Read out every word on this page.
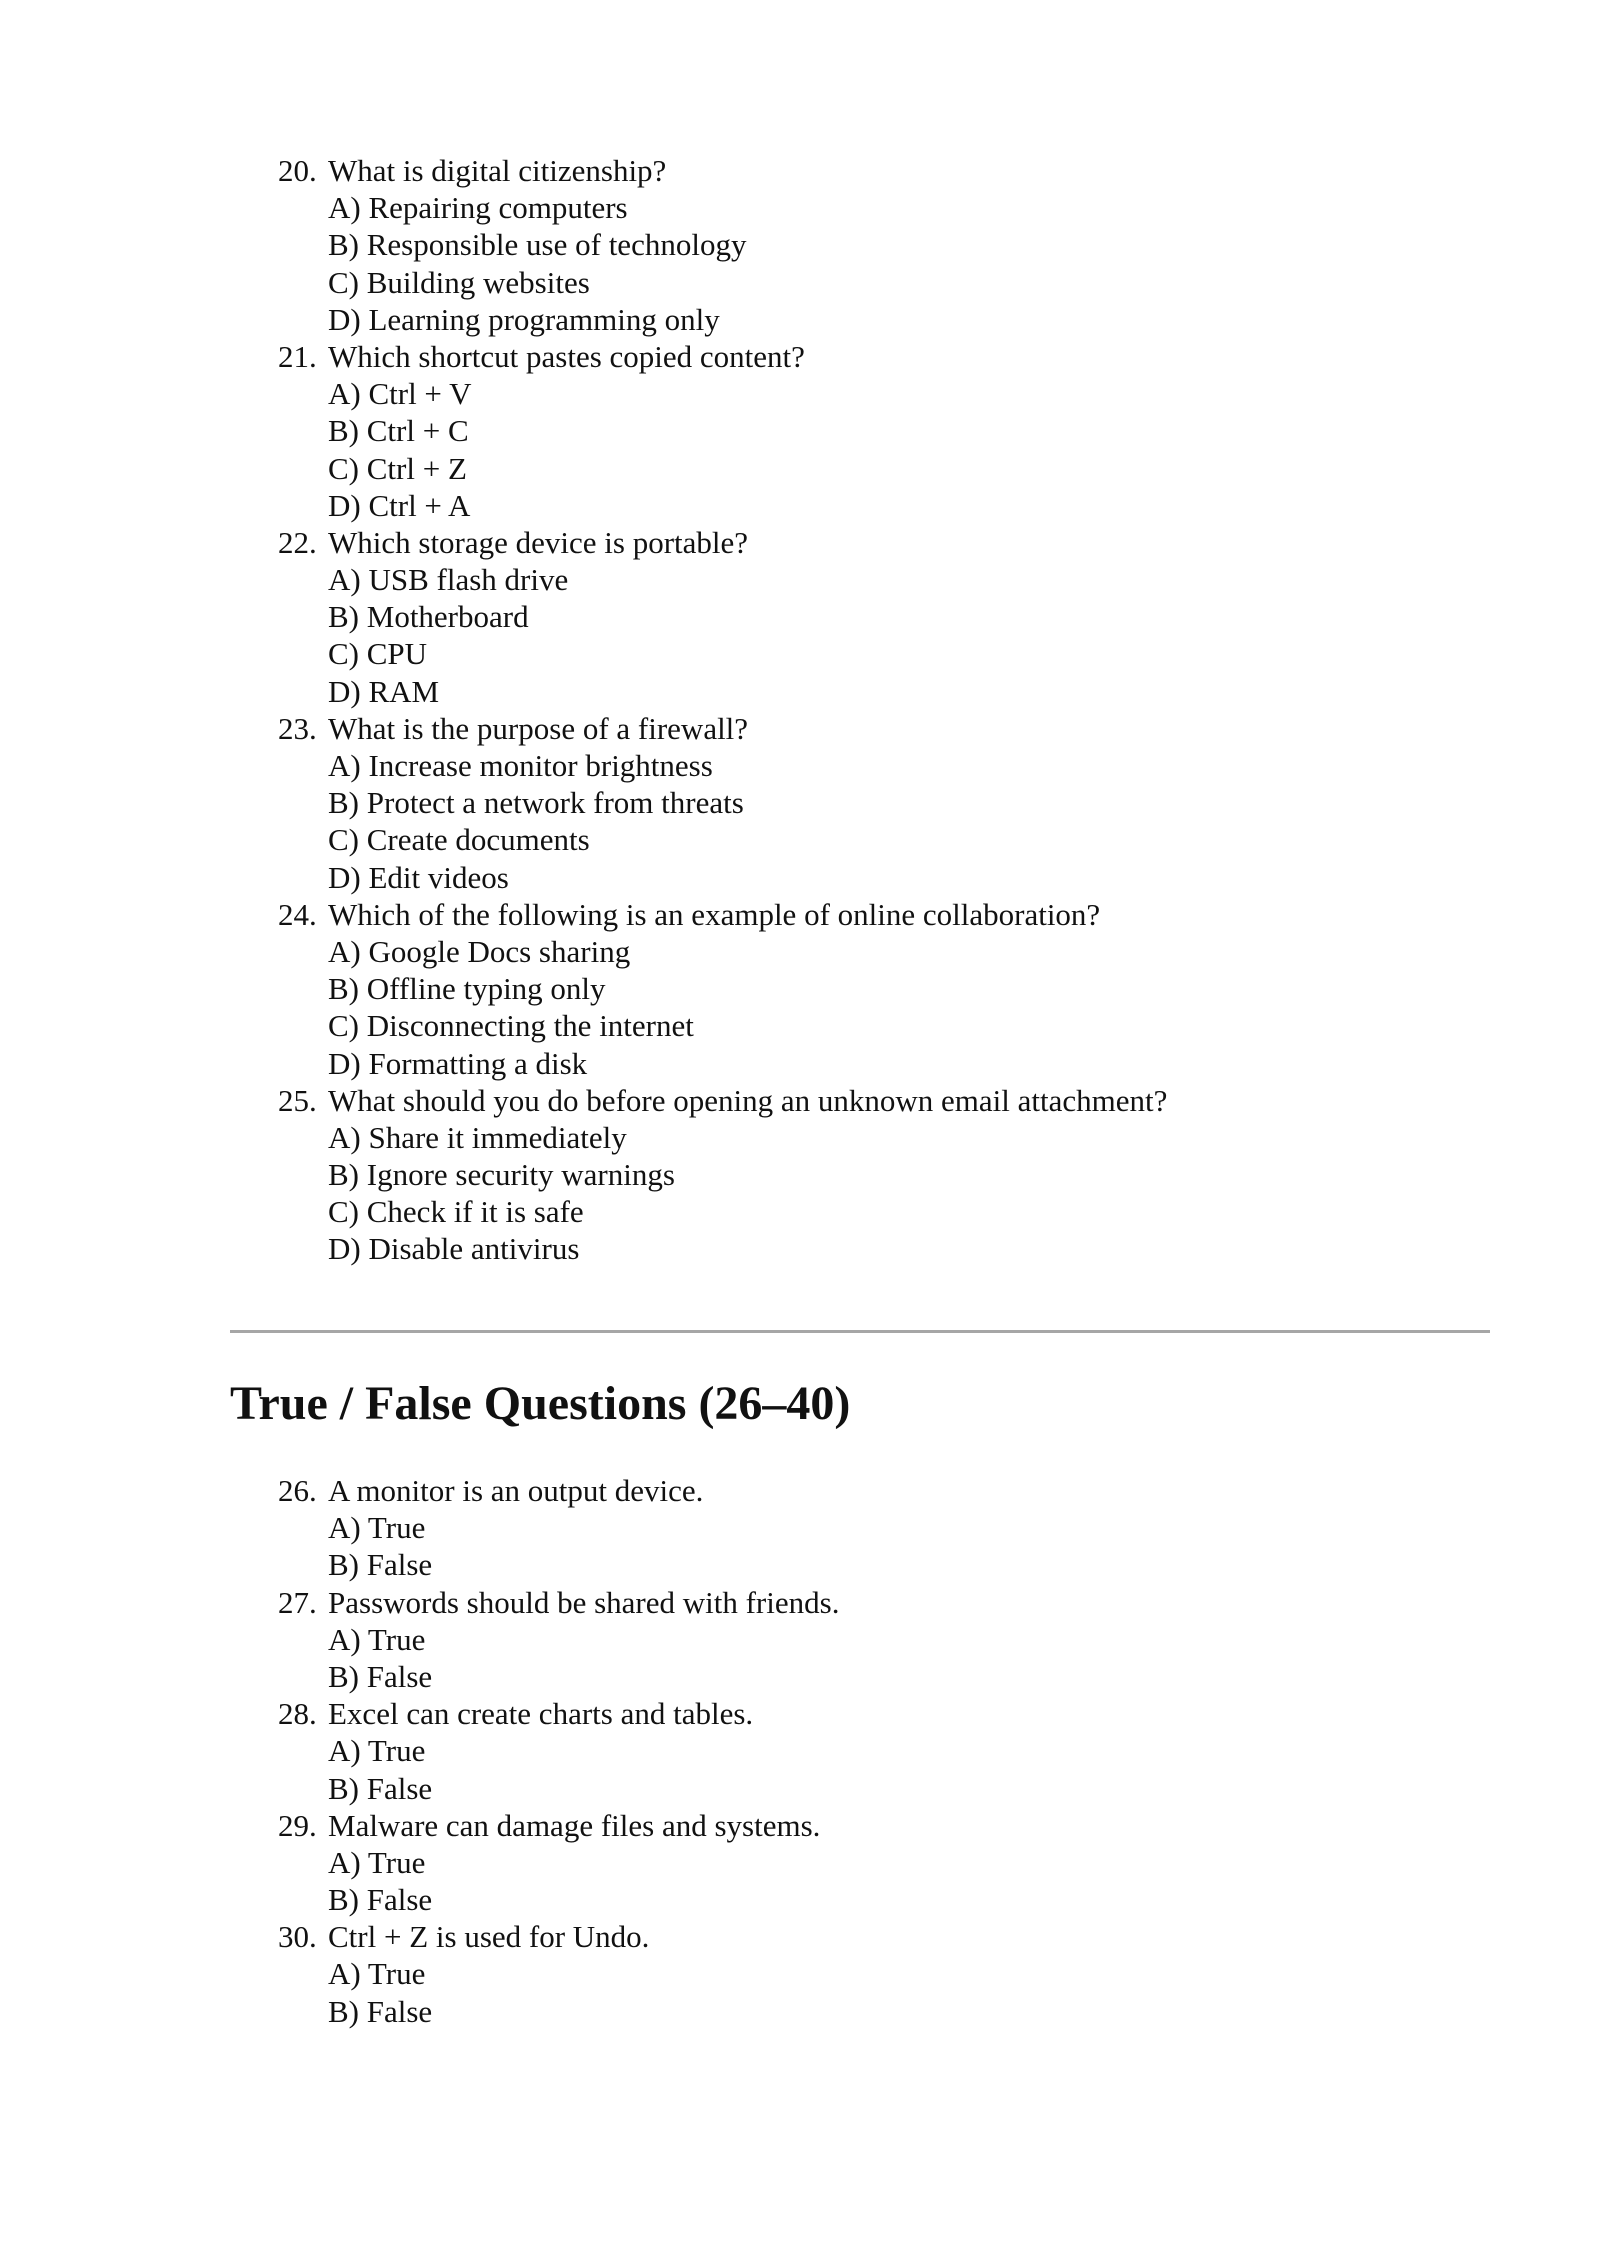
20. What is digital citizenship?
A) Repairing computers
B) Responsible use of technology
C) Building websites
D) Learning programming only
21. Which shortcut pastes copied content?
A) Ctrl + V
B) Ctrl + C
C) Ctrl + Z
D) Ctrl + A
22. Which storage device is portable?
A) USB flash drive
B) Motherboard
C) CPU
D) RAM
23. What is the purpose of a firewall?
A) Increase monitor brightness
B) Protect a network from threats
C) Create documents
D) Edit videos
24. Which of the following is an example of online collaboration?
A) Google Docs sharing
B) Offline typing only
C) Disconnecting the internet
D) Formatting a disk
25. What should you do before opening an unknown email attachment?
A) Share it immediately
B) Ignore security warnings
C) Check if it is safe
D) Disable antivirus
True / False Questions (26–40)
26. A monitor is an output device.
A) True
B) False
27. Passwords should be shared with friends.
A) True
B) False
28. Excel can create charts and tables.
A) True
B) False
29. Malware can damage files and systems.
A) True
B) False
30. Ctrl + Z is used for Undo.
A) True
B) False
